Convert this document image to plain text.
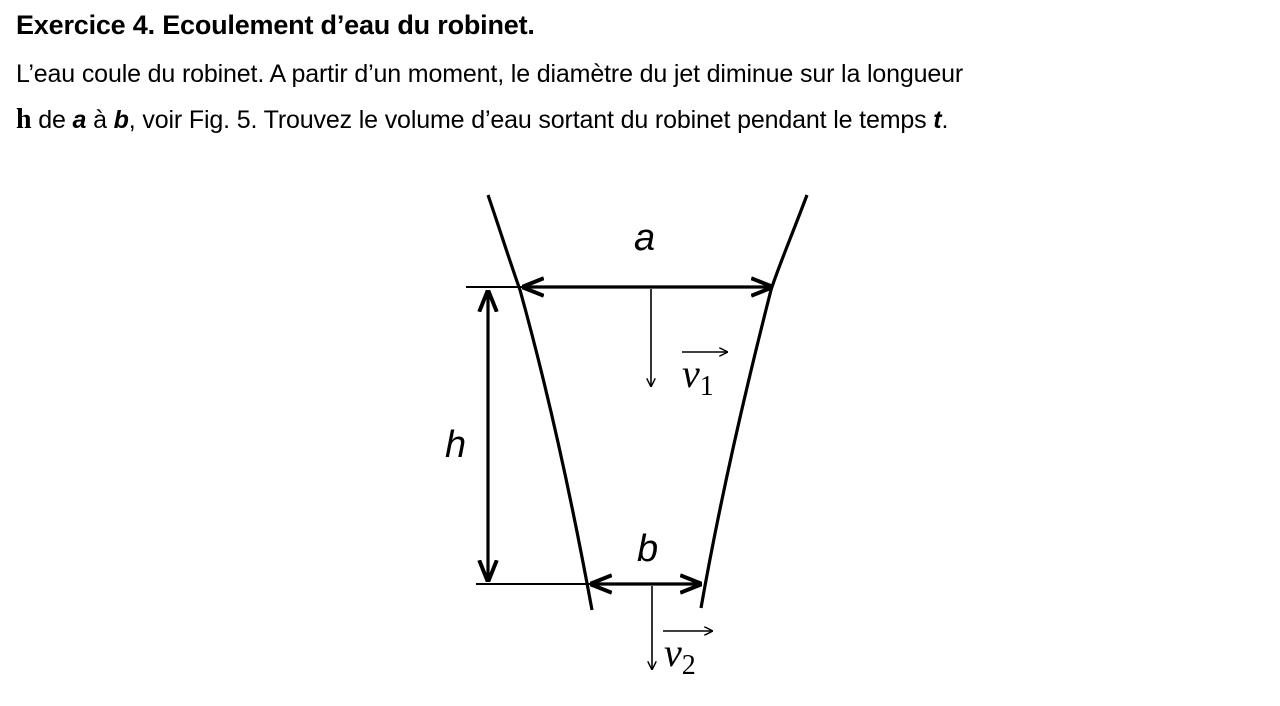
Exercice 4. Ecoulement d’eau du robinet.
L’eau coule du robinet. A partir d’un moment, le diamètre du jet diminue sur la longueur
h de a à b, voir Fig. 5. Trouvez le volume d’eau sortant du robinet pendant le temps t.
a
b
h
$v_1$
$v_2$
